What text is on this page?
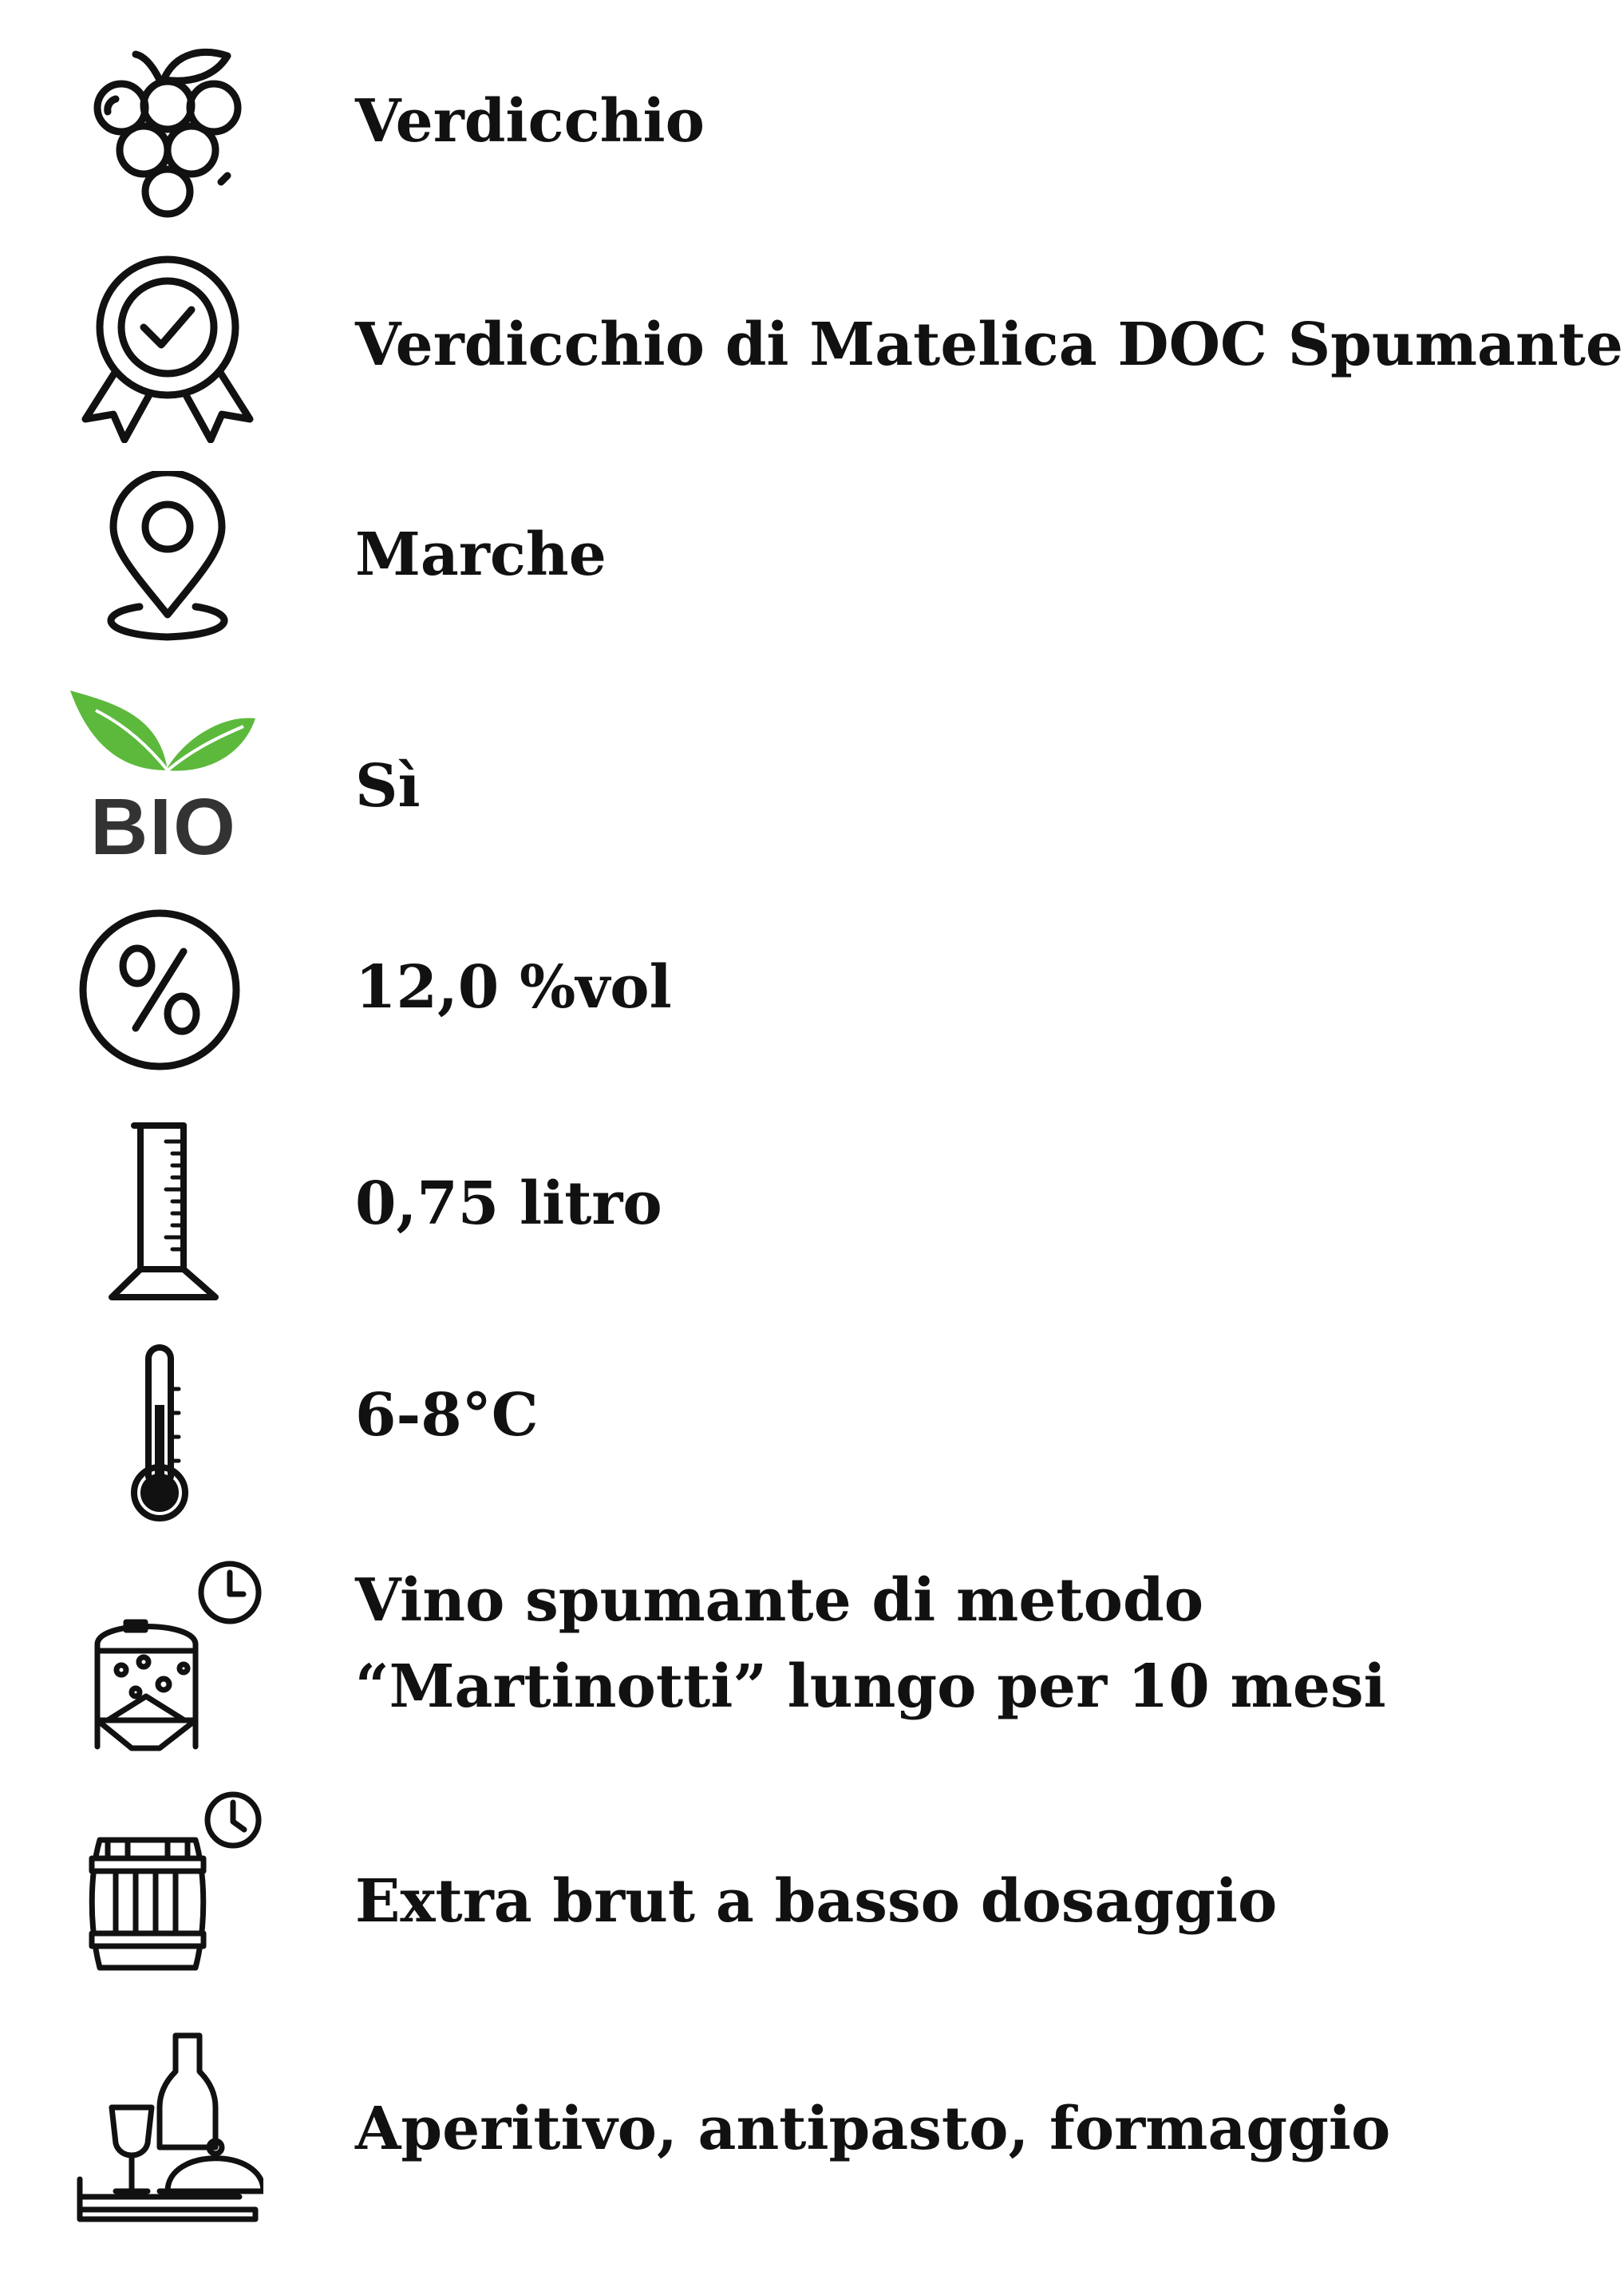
Verdicchio

Verdicchio di Matelica DOC Spumante

Marche

BIO Sì

12,0 %vol

0,75 litro

6-8°C

Vino spumante di metodo

“Martinotti” lungo per 10 mesi

Extra brut a basso dosaggio

Aperitivo, antipasto, formaggio
